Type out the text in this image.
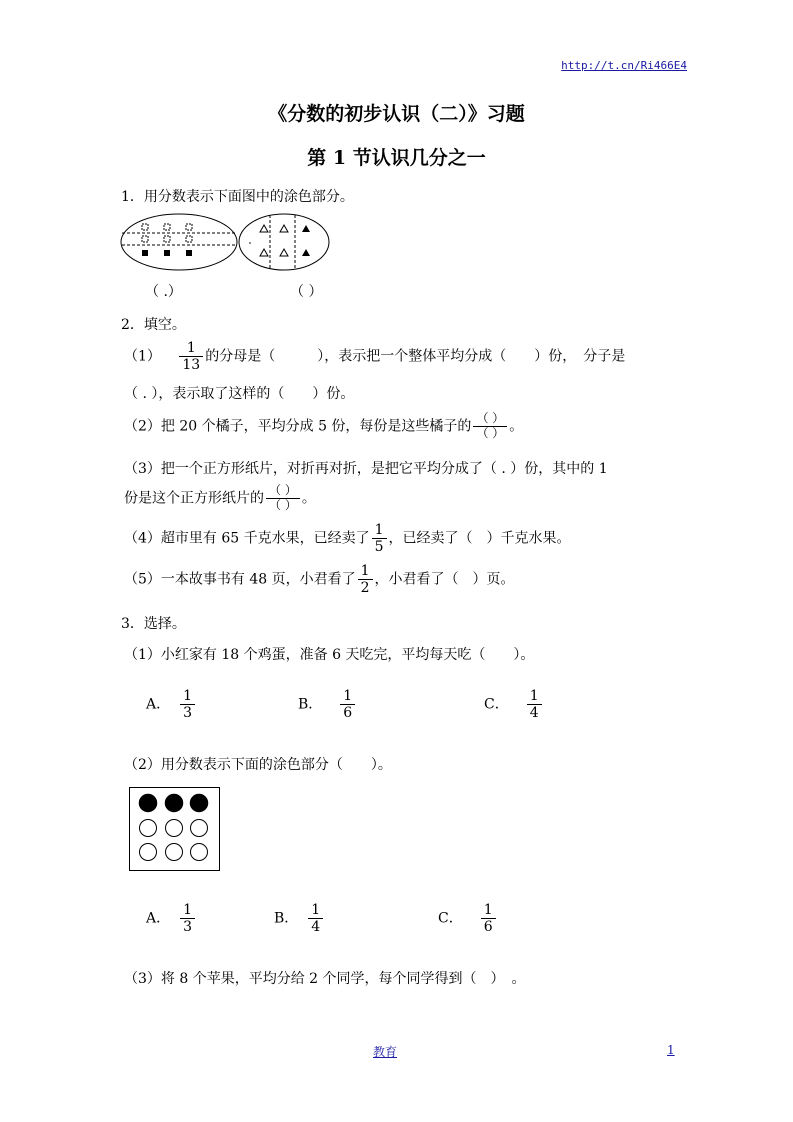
http://t.cn/Ri466E4
《分数的初步认识（二）》习题
第 1 节认识几分之一
1．用分数表示下面图中的涂色部分。
（ .）	（ ）
2．填空。
$(1) \frac{1}{13}$ 的分母是（　　　），表示把一个整体平均分成（　　）份，　分子是
（ . ），表示取了这样的（　　）份。
（2）把 20 个橘子，平均分成 5 份，每份是这些橘子的 $\frac{( )}{( )}$ 。
（3）把一个正方形纸片，对折再对折，是把它平均分成了（ . ）份，其中的 1
份是这个正方形纸片的 $\frac{( )}{( )}$ 。
（4）超市里有 65 千克水果，已经卖了 $\frac{1}{5}$ ，已经卖了（　）千克水果。
（5）一本故事书有 48 页，小君看了 $\frac{1}{2}$ ，小君看了（　）页。
3．选择。
（1）小红家有 18 个鸡蛋，准备 6 天吃完，平均每天吃（　　）。
A． $\frac{1}{3}$	B． $\frac{1}{6}$	C． $\frac{1}{4}$
（2）用分数表示下面的涂色部分（　　）。
A． $\frac{1}{3}$	B． $\frac{1}{4}$	C． $\frac{1}{6}$
（3）将 8 个苹果，平均分给 2 个同学，每个同学得到（　）　。
教育	1
